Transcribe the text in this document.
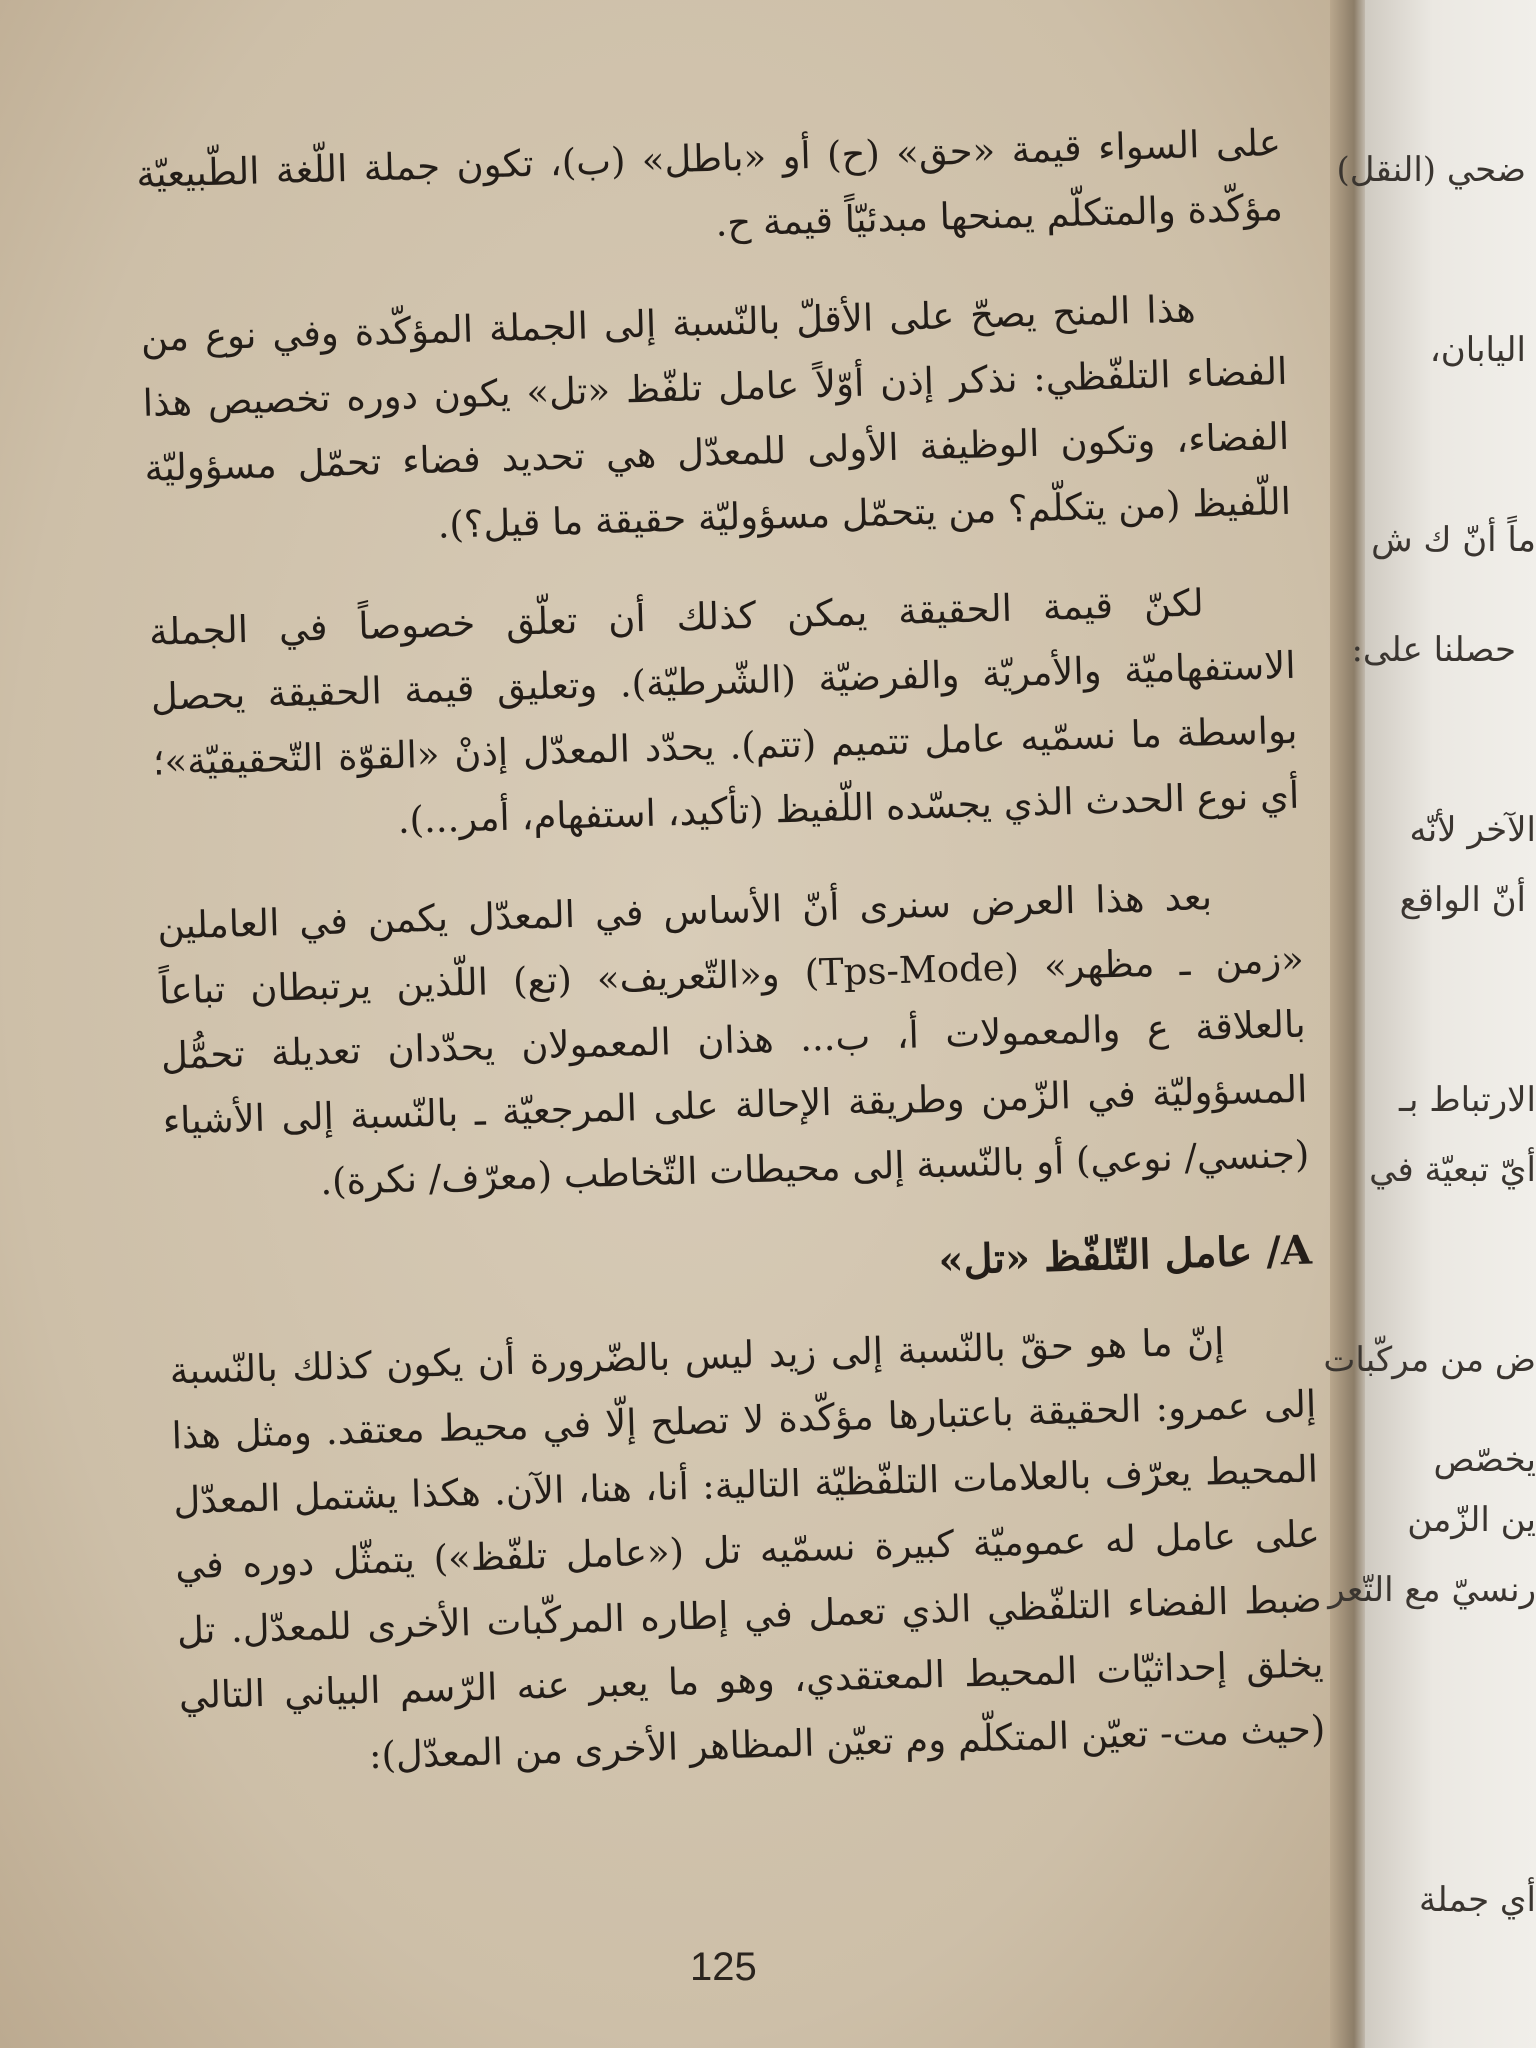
ضحي (النقل)
اليابان،
ماً أنّ ك ش
حصلنا على:
الآخر لأنّه
أنّ الواقع
الارتباط بـ
أيّ تبعيّة في
ض من مركّبات
يخصّص
ين الزّمن
رنسيّ مع التّعر
أي جملة

على السواء قيمة «حق» (ح) أو «باطل» (ب)، تكون جملة اللّغة الطّبيعيّة مؤكّدة والمتكلّم يمنحها مبدئيّاً قيمة ح.

هذا المنح يصحّ على الأقلّ بالنّسبة إلى الجملة المؤكّدة وفي نوع من الفضاء التلفّظي: نذكر إذن أوّلاً عامل تلفّظ «تل» يكون دوره تخصيص هذا الفضاء، وتكون الوظيفة الأولى للمعدّل هي تحديد فضاء تحمّل مسؤوليّة اللّفيظ (من يتكلّم؟ من يتحمّل مسؤوليّة حقيقة ما قيل؟).

لكنّ قيمة الحقيقة يمكن كذلك أن تعلّق خصوصاً في الجملة الاستفهاميّة والأمريّة والفرضيّة (الشّرطيّة). وتعليق قيمة الحقيقة يحصل بواسطة ما نسمّيه عامل تتميم (تتم). يحدّد المعدّل إذنْ «القوّة التّحقيقيّة»؛ أي نوع الحدث الذي يجسّده اللّفيظ (تأكيد، استفهام، أمر...).

بعد هذا العرض سنرى أنّ الأساس في المعدّل يكمن في العاملين «زمن ـ مظهر» (Tps-Mode) و«التّعريف» (تع) اللّذين يرتبطان تباعاً بالعلاقة ع والمعمولات أ، ب... هذان المعمولان يحدّدان تعديلة تحمُّل المسؤوليّة في الزّمن وطريقة الإحالة على المرجعيّة ـ بالنّسبة إلى الأشياء (جنسي/ نوعي) أو بالنّسبة إلى محيطات التّخاطب (معرّف/ نكرة).

A/ عامل التّلفّظ «تل»

إنّ ما هو حقّ بالنّسبة إلى زيد ليس بالضّرورة أن يكون كذلك بالنّسبة إلى عمرو: الحقيقة باعتبارها مؤكّدة لا تصلح إلّا في محيط معتقد. ومثل هذا المحيط يعرّف بالعلامات التلفّظيّة التالية: أنا، هنا، الآن. هكذا يشتمل المعدّل على عامل له عموميّة كبيرة نسمّيه تل («عامل تلفّظ») يتمثّل دوره في ضبط الفضاء التلفّظي الذي تعمل في إطاره المركّبات الأخرى للمعدّل. تل يخلق إحداثيّات المحيط المعتقدي، وهو ما يعبر عنه الرّسم البياني التالي (حيث مت- تعيّن المتكلّم وم تعيّن المظاهر الأخرى من المعدّل):

125
